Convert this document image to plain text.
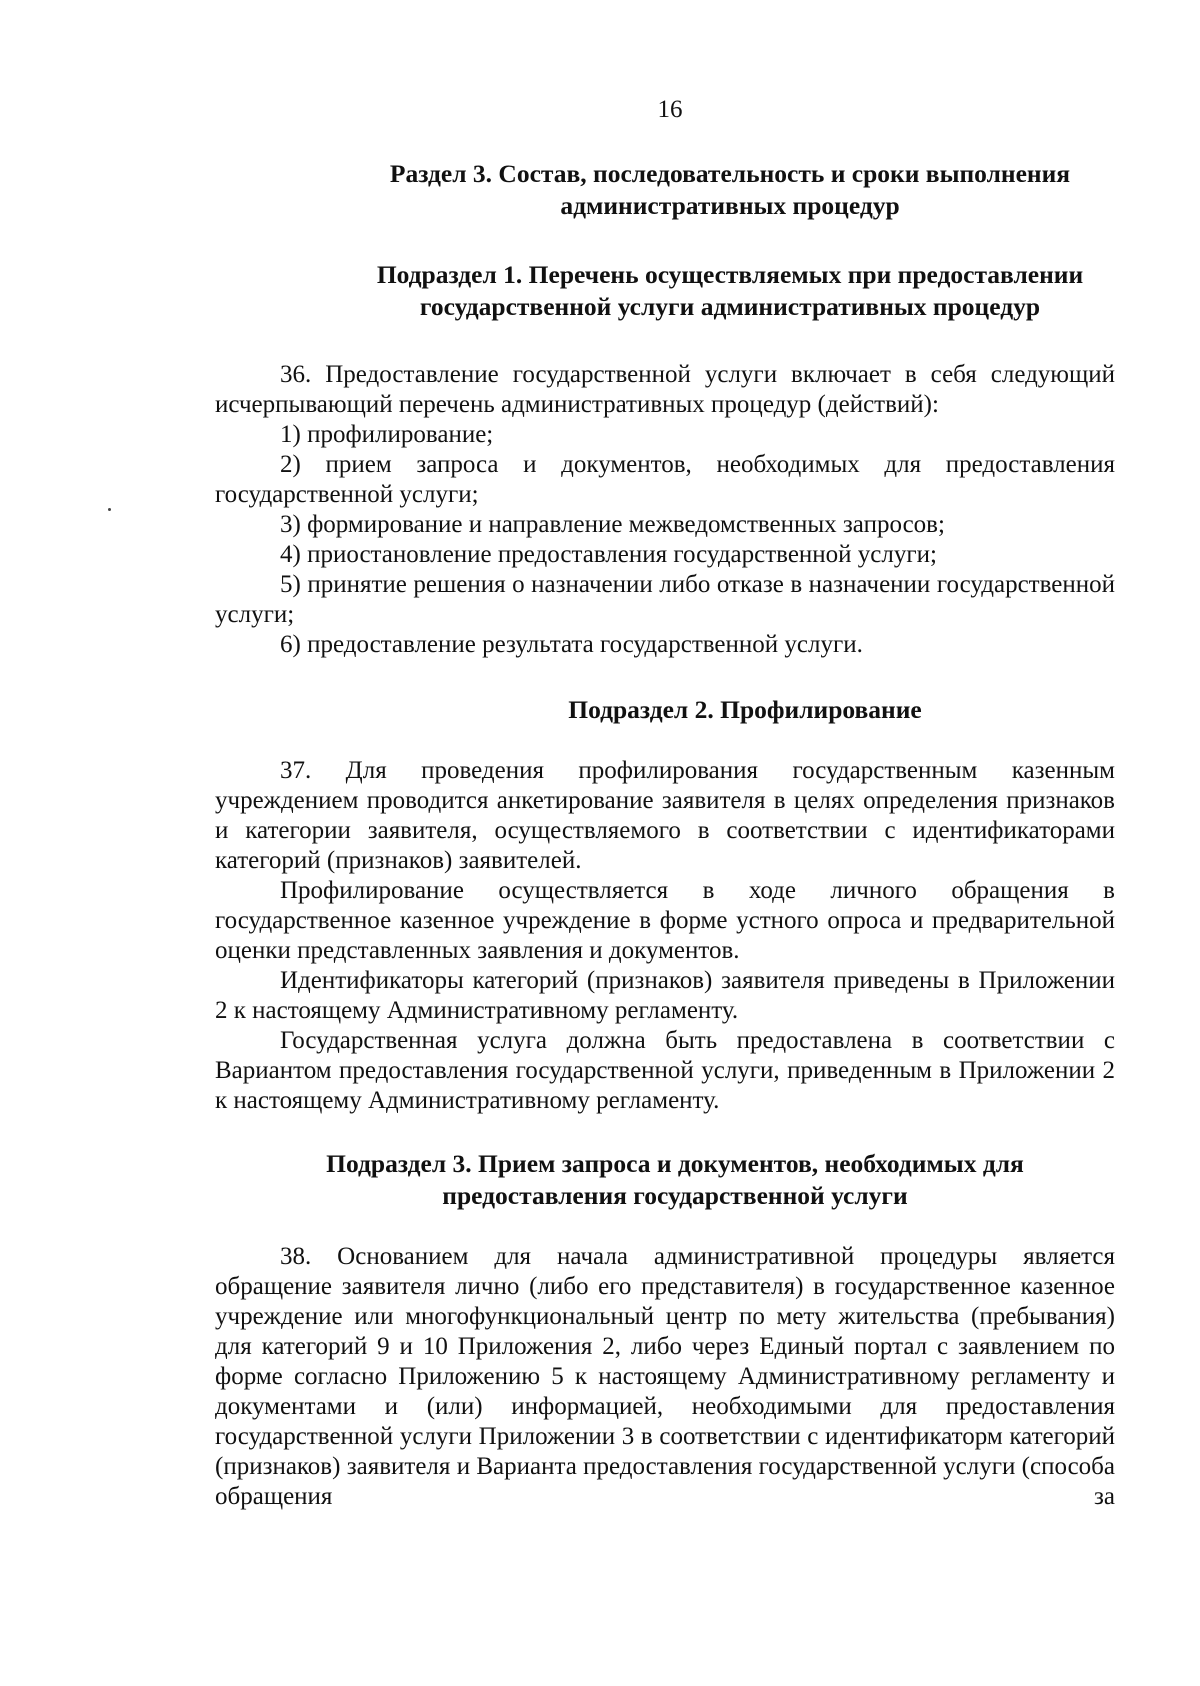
16
Раздел 3. Состав, последовательность и сроки выполнения административных процедур
Подраздел 1. Перечень осуществляемых при предоставлении государственной услуги административных процедур

36. Предоставление государственной услуги включает в себя следующий исчерпывающий перечень административных процедур (действий):

1) профилирование;

2) прием запроса и документов, необходимых для предоставления государственной услуги;

3) формирование и направление межведомственных запросов;

4) приостановление предоставления государственной услуги;

5) принятие решения о назначении либо отказе в назначении государственной услуги;

6) предоставление результата государственной услуги.

Подраздел 2. Профилирование

37. Для проведения профилирования государственным казенным учреждением проводится анкетирование заявителя в целях определения признаков и категории заявителя, осуществляемого в соответствии с идентификаторами категорий (признаков) заявителей.

Профилирование осуществляется в ходе личного обращения в государственное казенное учреждение в форме устного опроса и предварительной оценки представленных заявления и документов.

Идентификаторы категорий (признаков) заявителя приведены в Приложении 2 к настоящему Административному регламенту.

Государственная услуга должна быть предоставлена в соответствии с Вариантом предоставления государственной услуги, приведенным в Приложении 2 к настоящему Административному регламенту.

Подраздел 3. Прием запроса и документов, необходимых для предоставления государственной услуги

38. Основанием для начала административной процедуры является обращение заявителя лично (либо его представителя) в государственное казенное учреждение или многофункциональный центр по мету жительства (пребывания) для категорий 9 и 10 Приложения 2, либо через Единый портал с заявлением по форме согласно Приложению 5 к настоящему Административному регламенту и документами и (или) информацией, необходимыми для предоставления государственной услуги Приложении 3 в соответствии с идентификаторм категорий (признаков) заявителя и Варианта предоставления государственной услуги (способа обращения за
